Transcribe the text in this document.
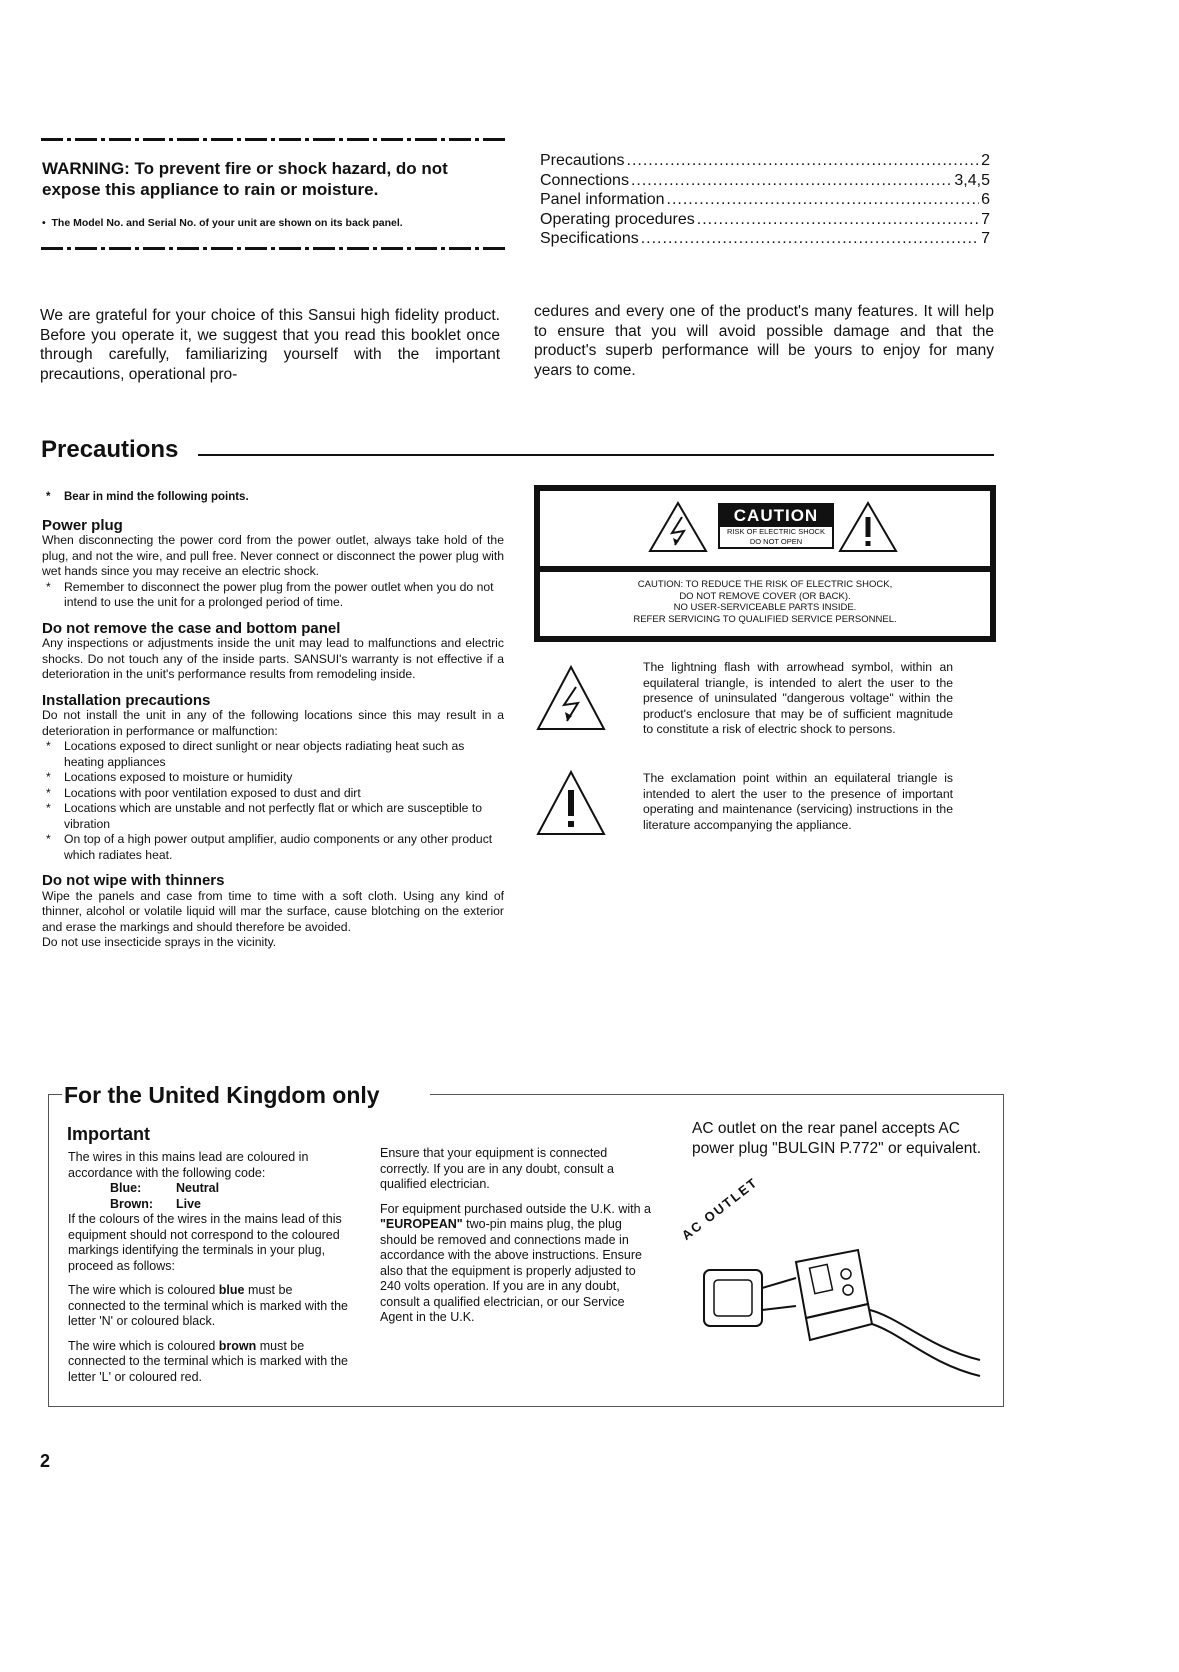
WARNING: To prevent fire or shock hazard, do not expose this appliance to rain or moisture.
•  The Model No. and Serial No. of your unit are shown on its back panel.
Precautions .....	2
Connections .....	3,4,5
Panel information .....	6
Operating procedures .....	7
Specifications .....	7
We are grateful for your choice of this Sansui high fidelity product. Before you operate it, we suggest that you read this booklet once through carefully, familiarizing yourself with the important precautions, operational pro-
cedures and every one of the product's many features. It will help to ensure that you will avoid possible damage and that the product's superb performance will be yours to enjoy for many years to come.
Precautions
* Bear in mind the following points.
Power plug
When disconnecting the power cord from the power outlet, always take hold of the plug, and not the wire, and pull free. Never connect or disconnect the power plug with wet hands since you may receive an electric shock.
* Remember to disconnect the power plug from the power outlet when you do not intend to use the unit for a prolonged period of time.
Do not remove the case and bottom panel
Any inspections or adjustments inside the unit may lead to malfunctions and electric shocks. Do not touch any of the inside parts. SANSUI's warranty is not effective if a deterioration in the unit's performance results from remodeling inside.
Installation precautions
Do not install the unit in any of the following locations since this may result in a deterioration in performance or malfunction:
* Locations exposed to direct sunlight or near objects radiating heat such as heating appliances
* Locations exposed to moisture or humidity
* Locations with poor ventilation exposed to dust and dirt
* Locations which are unstable and not perfectly flat or which are susceptible to vibration
* On top of a high power output amplifier, audio components or any other product which radiates heat.
Do not wipe with thinners
Wipe the panels and case from time to time with a soft cloth. Using any kind of thinner, alcohol or volatile liquid will mar the surface, cause blotching on the exterior and erase the markings and should therefore be avoided.
Do not use insecticide sprays in the vicinity.
CAUTION
RISK OF ELECTRIC SHOCK
DO NOT OPEN
CAUTION: TO REDUCE THE RISK OF ELECTRIC SHOCK,
DO NOT REMOVE COVER (OR BACK).
NO USER-SERVICEABLE PARTS INSIDE.
REFER SERVICING TO QUALIFIED SERVICE PERSONNEL.
The lightning flash with arrowhead symbol, within an equilateral triangle, is intended to alert the user to the presence of uninsulated "dangerous voltage" within the product's enclosure that may be of sufficient magnitude to constitute a risk of electric shock to persons.
The exclamation point within an equilateral triangle is intended to alert the user to the presence of important operating and maintenance (servicing) instructions in the literature accompanying the appliance.
For the United Kingdom only
Important
The wires in this mains lead are coloured in accordance with the following code:
Blue:	Neutral
Brown: Live
If the colours of the wires in the mains lead of this equipment should not correspond to the coloured markings identifying the terminals in your plug, proceed as follows:
The wire which is coloured blue must be connected to the terminal which is marked with the letter 'N' or coloured black.
The wire which is coloured brown must be connected to the terminal which is marked with the letter 'L' or coloured red.
Ensure that your equipment is connected correctly. If you are in any doubt, consult a qualified electrician.
For equipment purchased outside the U.K. with a "EUROPEAN" two-pin mains plug, the plug should be removed and connections made in accordance with the above instructions. Ensure also that the equipment is properly adjusted to 240 volts operation. If you are in any doubt, consult a qualified electrician, or our Service Agent in the U.K.
AC outlet on the rear panel accepts AC power plug "BULGIN P.772" or equivalent.
AC OUTLET
2
